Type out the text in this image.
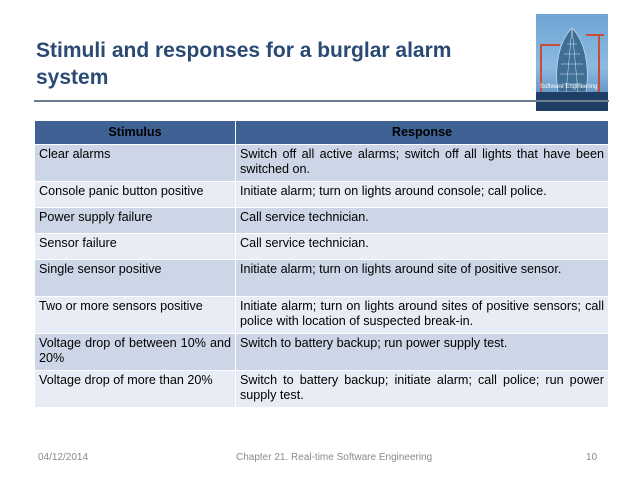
Stimuli and responses for a burglar alarm system	Software Engineering
Stimulus	Response
Clear alarms	Switch off all active alarms; switch off all lights that have been switched on.
Console panic button positive	Initiate alarm; turn on lights around console; call police.
Power supply failure	Call service technician.
Sensor failure	Call service technician.
Single sensor positive	Initiate alarm; turn on lights around site of positive sensor.
Two or more sensors positive	Initiate alarm; turn on lights around sites of positive sensors; call police with location of suspected break-in.
Voltage drop of between 10% and 20%	Switch to battery backup; run power supply test.
Voltage drop of more than 20%	Switch to battery backup; initiate alarm; call police; run power supply test.
04/12/2014	Chapter 21. Real-time Software Engineering	10
